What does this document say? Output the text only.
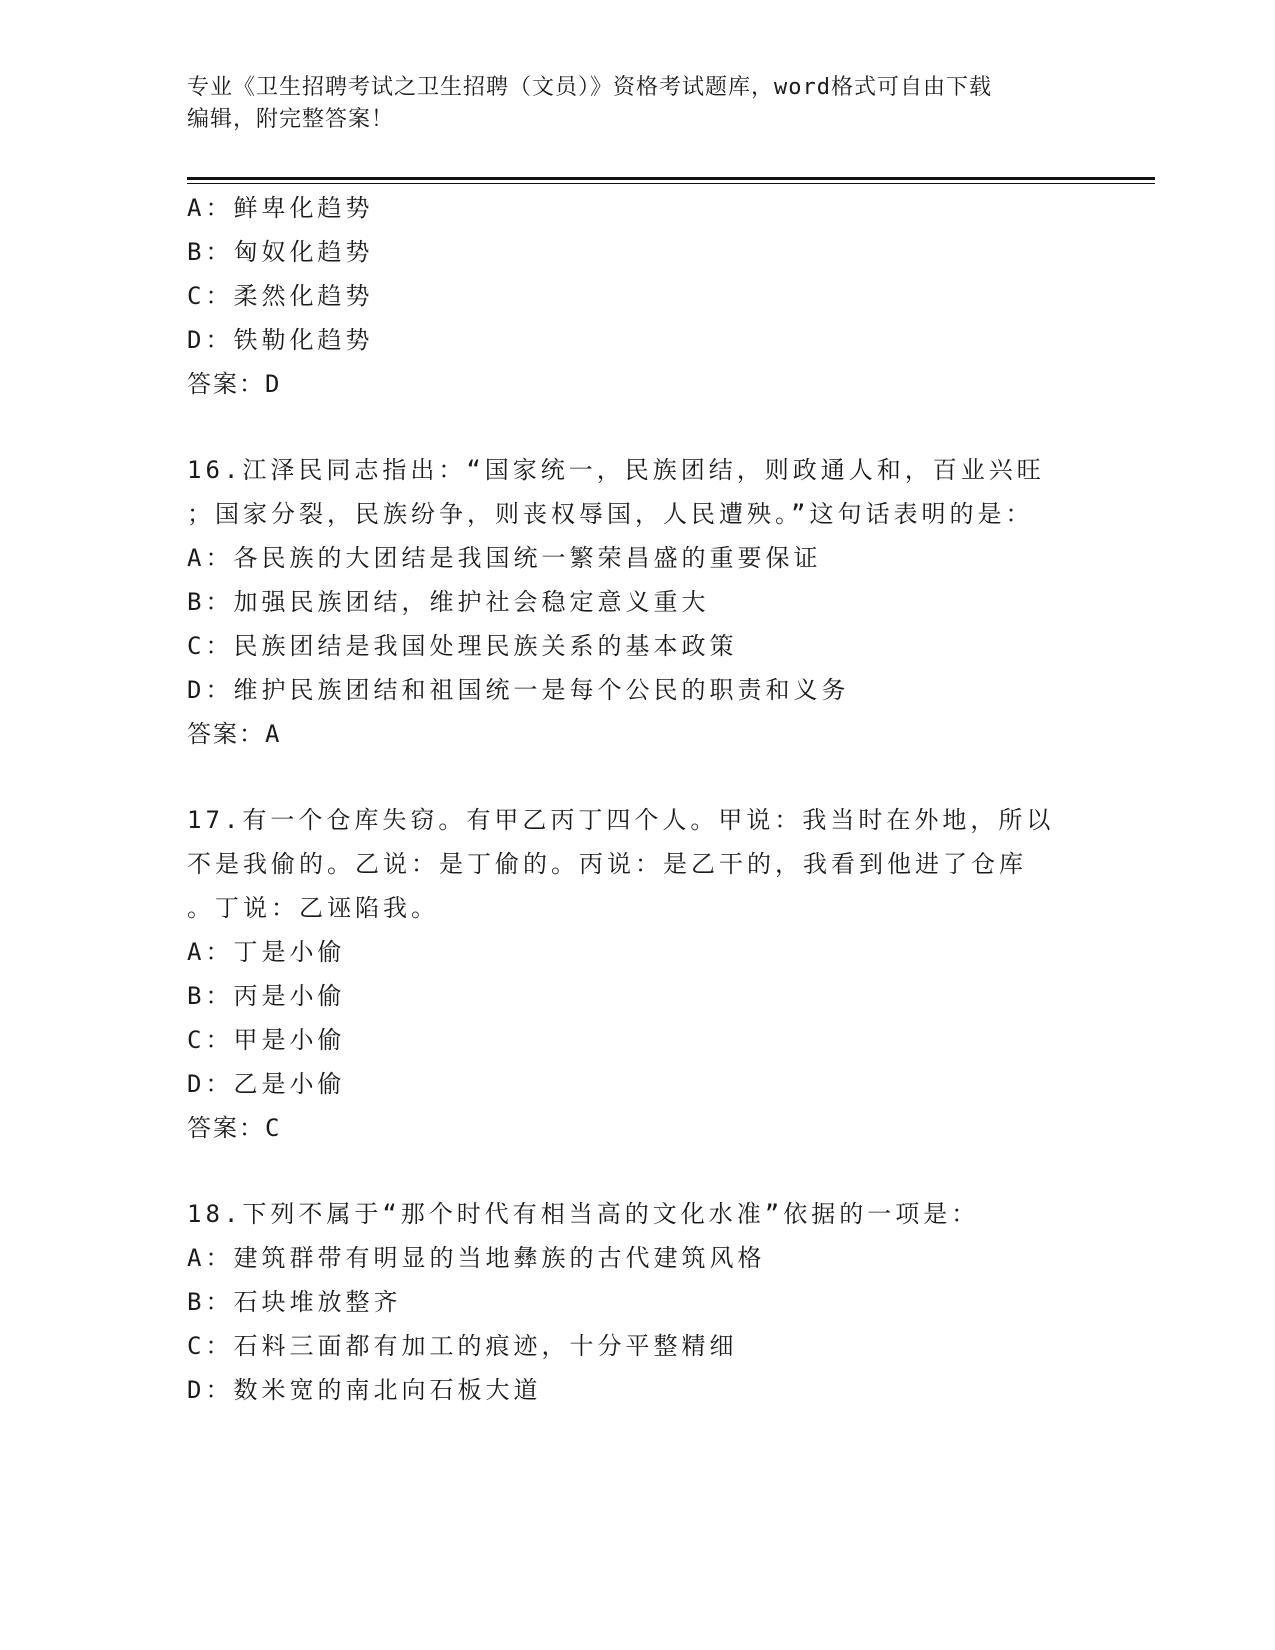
专业《卫生招聘考试之卫生招聘（文员）》资格考试题库，word格式可自由下载
编辑，附完整答案！
A：鲜卑化趋势
B：匈奴化趋势
C：柔然化趋势
D：铁勒化趋势
答案：D
16.江泽民同志指出：“国家统一，民族团结，则政通人和，百业兴旺
；国家分裂，民族纷争，则丧权辱国，人民遭殃。”这句话表明的是：
A：各民族的大团结是我国统一繁荣昌盛的重要保证
B：加强民族团结，维护社会稳定意义重大
C：民族团结是我国处理民族关系的基本政策
D：维护民族团结和祖国统一是每个公民的职责和义务
答案：A
17.有一个仓库失窃。有甲乙丙丁四个人。甲说：我当时在外地，所以
不是我偷的。乙说：是丁偷的。丙说：是乙干的，我看到他进了仓库
。丁说：乙诬陷我。
A：丁是小偷
B：丙是小偷
C：甲是小偷
D：乙是小偷
答案：C
18.下列不属于“那个时代有相当高的文化水准”依据的一项是：
A：建筑群带有明显的当地彝族的古代建筑风格
B：石块堆放整齐
C：石料三面都有加工的痕迹，十分平整精细
D：数米宽的南北向石板大道
